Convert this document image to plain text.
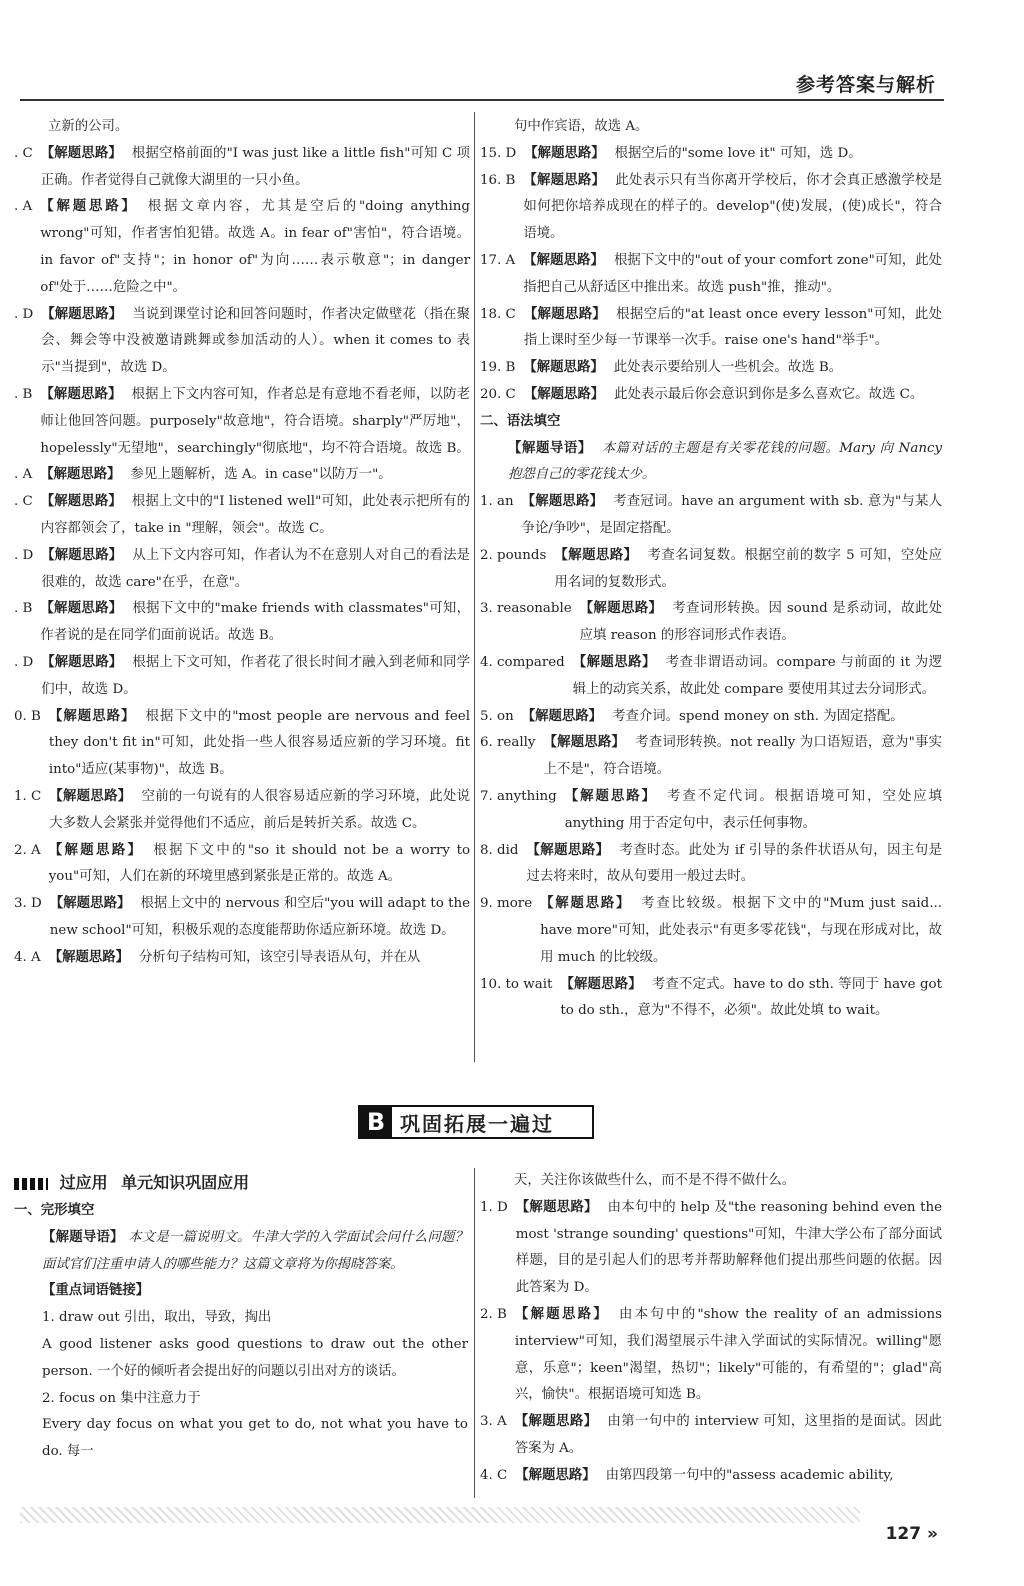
参考答案与解析
立新的公司。
. C 【解题思路】 根据空格前面的"I was just like a little fish"可知 C 项正确。作者觉得自己就像大湖里的一只小鱼。
. A 【解题思路】 根据文章内容，尤其是空后的"doing anything wrong"可知，作者害怕犯错。故选 A。in fear of"害怕"，符合语境。in favor of"支持"；in honor of"为向……表示敬意"；in danger of"处于……危险之中"。
. D 【解题思路】 当说到课堂讨论和回答问题时，作者决定做壁花（指在聚会、舞会等中没被邀请跳舞或参加活动的人）。when it comes to 表示"当提到"，故选 D。
. B 【解题思路】 根据上下文内容可知，作者总是有意地不看老师，以防老师让他回答问题。purposely"故意地"，符合语境。sharply"严厉地"，hopelessly"无望地"，searchingly"彻底地"，均不符合语境。故选 B。
. A 【解题思路】 参见上题解析，选 A。in case"以防万一"。
. C 【解题思路】 根据上文中的"I listened well"可知，此处表示把所有的内容都领会了，take in "理解，领会"。故选 C。
. D 【解题思路】 从上下文内容可知，作者认为不在意别人对自己的看法是很难的，故选 care"在乎，在意"。
. B 【解题思路】 根据下文中的"make friends with classmates"可知，作者说的是在同学们面前说话。故选 B。
. D 【解题思路】 根据上下文可知，作者花了很长时间才融入到老师和同学们中，故选 D。
0. B 【解题思路】 根据下文中的"most people are nervous and feel they don't fit in"可知，此处指一些人很容易适应新的学习环境。fit into"适应(某事物)"，故选 B。
1. C 【解题思路】 空前的一句说有的人很容易适应新的学习环境，此处说大多数人会紧张并觉得他们不适应，前后是转折关系。故选 C。
2. A 【解题思路】 根据下文中的"so it should not be a worry to you"可知，人们在新的环境里感到紧张是正常的。故选 A。
3. D 【解题思路】 根据上文中的 nervous 和空后"you will adapt to the new school"可知，积极乐观的态度能帮助你适应新环境。故选 D。
4. A 【解题思路】 分析句子结构可知，该空引导表语从句，并在从
句中作宾语，故选 A。
15. D 【解题思路】 根据空后的"some love it" 可知，选 D。
16. B 【解题思路】 此处表示只有当你离开学校后，你才会真正感激学校是如何把你培养成现在的样子的。develop"(使)发展，(使)成长"，符合语境。
17. A 【解题思路】 根据下文中的"out of your comfort zone"可知，此处指把自己从舒适区中推出来。故选 push"推，推动"。
18. C 【解题思路】 根据空后的"at least once every lesson"可知，此处指上课时至少每一节课举一次手。raise one's hand"举手"。
19. B 【解题思路】 此处表示要给别人一些机会。故选 B。
20. C 【解题思路】 此处表示最后你会意识到你是多么喜欢它。故选 C。
二、语法填空
【解题导语】 本篇对话的主题是有关零花钱的问题。Mary 向 Nancy 抱怨自己的零花钱太少。
1. an 【解题思路】 考查冠词。have an argument with sb. 意为"与某人争论/争吵"，是固定搭配。
2. pounds 【解题思路】 考查名词复数。根据空前的数字 5 可知，空处应用名词的复数形式。
3. reasonable 【解题思路】 考查词形转换。因 sound 是系动词，故此处应填 reason 的形容词形式作表语。
4. compared 【解题思路】 考查非谓语动词。compare 与前面的 it 为逻辑上的动宾关系，故此处 compare 要使用其过去分词形式。
5. on 【解题思路】 考查介词。spend money on sth. 为固定搭配。
6. really 【解题思路】 考查词形转换。not really 为口语短语，意为"事实上不是"，符合语境。
7. anything 【解题思路】 考查不定代词。根据语境可知，空处应填 anything 用于否定句中，表示任何事物。
8. did 【解题思路】 考查时态。此处为 if 引导的条件状语从句，因主句是过去将来时，故从句要用一般过去时。
9. more 【解题思路】 考查比较级。根据下文中的"Mum just said... have more"可知，此处表示"有更多零花钱"，与现在形成对比，故用 much 的比较级。
10. to wait 【解题思路】 考查不定式。have to do sth. 等同于 have got to do sth.，意为"不得不，必须"。故此处填 to wait。
B 巩固拓展一遍过
过应用 单元知识巩固应用
一、完形填空
【解题导语】 本文是一篇说明文。牛津大学的入学面试会问什么问题？面试官们注重申请人的哪些能力？这篇文章将为你揭晓答案。
【重点词语链接】
1. draw out 引出，取出，导致，掏出
A good listener asks good questions to draw out the other person. 一个好的倾听者会提出好的问题以引出对方的谈话。
2. focus on 集中注意力于
Every day focus on what you get to do, not what you have to do. 每一
天，关注你该做些什么，而不是不得不做什么。
1. D 【解题思路】 由本句中的 help 及"the reasoning behind even the most 'strange sounding' questions"可知，牛津大学公布了部分面试样题，目的是引起人们的思考并帮助解释他们提出那些问题的依据。因此答案为 D。
2. B 【解题思路】 由本句中的"show the reality of an admissions interview"可知，我们渴望展示牛津入学面试的实际情况。willing"愿意，乐意"；keen"渴望，热切"；likely"可能的，有希望的"；glad"高兴，愉快"。根据语境可知选 B。
3. A 【解题思路】 由第一句中的 interview 可知，这里指的是面试。因此答案为 A。
4. C 【解题思路】 由第四段第一句中的"assess academic ability,
127 »
